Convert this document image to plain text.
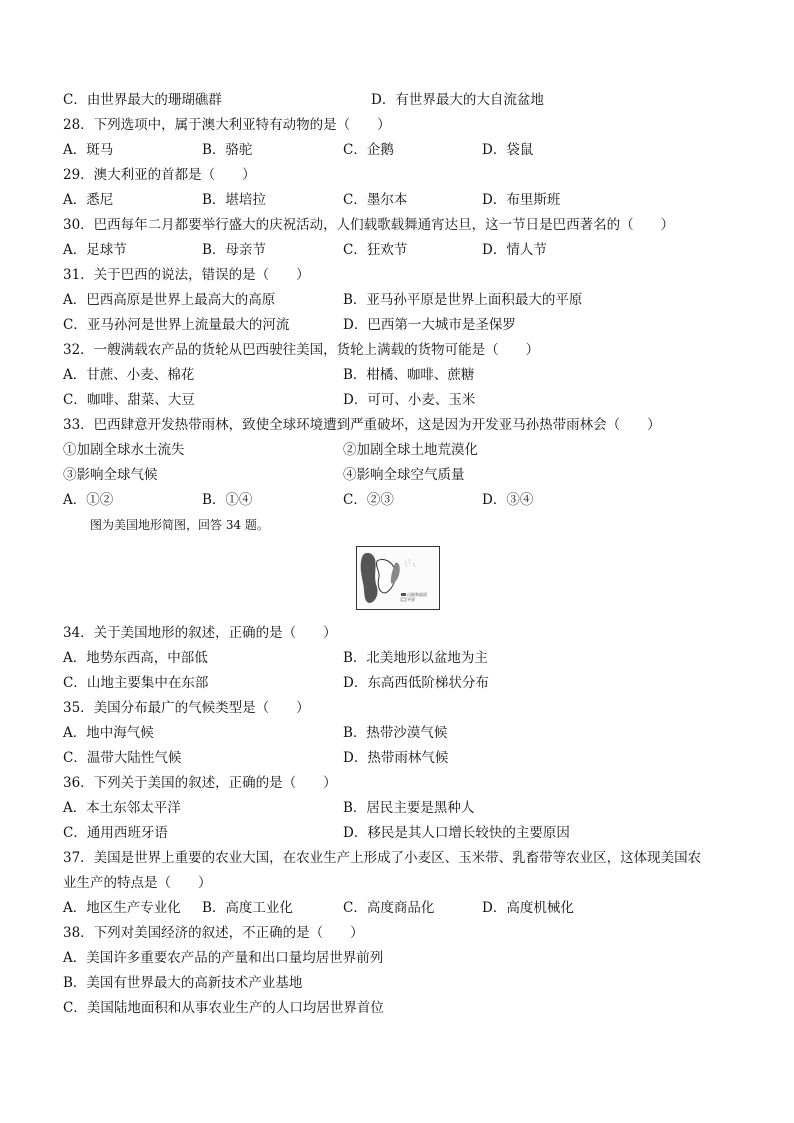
C．由世界最大的珊瑚礁群	D．有世界最大的大自流盆地
28．下列选项中，属于澳大利亚特有动物的是（　　）
A．斑马	B．骆驼	C．企鹅	D．袋鼠
29．澳大利亚的首都是（　　）
A．悉尼	B．堪培拉	C．墨尔本	D．布里斯班
30．巴西每年二月都要举行盛大的庆祝活动，人们载歌载舞通宵达旦，这一节日是巴西著名的（　　）
A．足球节	B．母亲节	C．狂欢节	D．情人节
31．关于巴西的说法，错误的是（　　）
A．巴西高原是世界上最高大的高原	B．亚马孙平原是世界上面积最大的平原
C．亚马孙河是世界上流量最大的河流	D．巴西第一大城市是圣保罗
32．一艘满载农产品的货轮从巴西驶往美国，货轮上满载的货物可能是（　　）
A．甘蔗、小麦、棉花	B．柑橘、咖啡、蔗糖
C．咖啡、甜菜、大豆	D．可可、小麦、玉米
33．巴西肆意开发热带雨林，致使全球环境遭到严重破坏，这是因为开发亚马孙热带雨林会（　　）
①加剧全球水土流失	②加剧全球土地荒漠化
③影响全球气候	④影响全球空气质量
A．①②	B．①④	C．②③	D．③④
图为美国地形简图，回答 34 题。
山地和高原
平原
34．关于美国地形的叙述，正确的是（　　）
A．地势东西高，中部低	B．北美地形以盆地为主
C．山地主要集中在东部	D．东高西低阶梯状分布
35．美国分布最广的气候类型是（　　）
A．地中海气候	B．热带沙漠气候
C．温带大陆性气候	D．热带雨林气候
36．下列关于美国的叙述，正确的是（　　）
A．本土东邻太平洋	B．居民主要是黑种人
C．通用西班牙语	D．移民是其人口增长较快的主要原因
37．美国是世界上重要的农业大国，在农业生产上形成了小麦区、玉米带、乳畜带等农业区，这体现美国农
业生产的特点是（　　）
A．地区生产专业化 B．高度工业化	C．高度商品化	D．高度机械化
38．下列对美国经济的叙述，不正确的是（　　）
A．美国许多重要农产品的产量和出口量均居世界前列
B．美国有世界最大的高新技术产业基地
C．美国陆地面积和从事农业生产的人口均居世界首位
